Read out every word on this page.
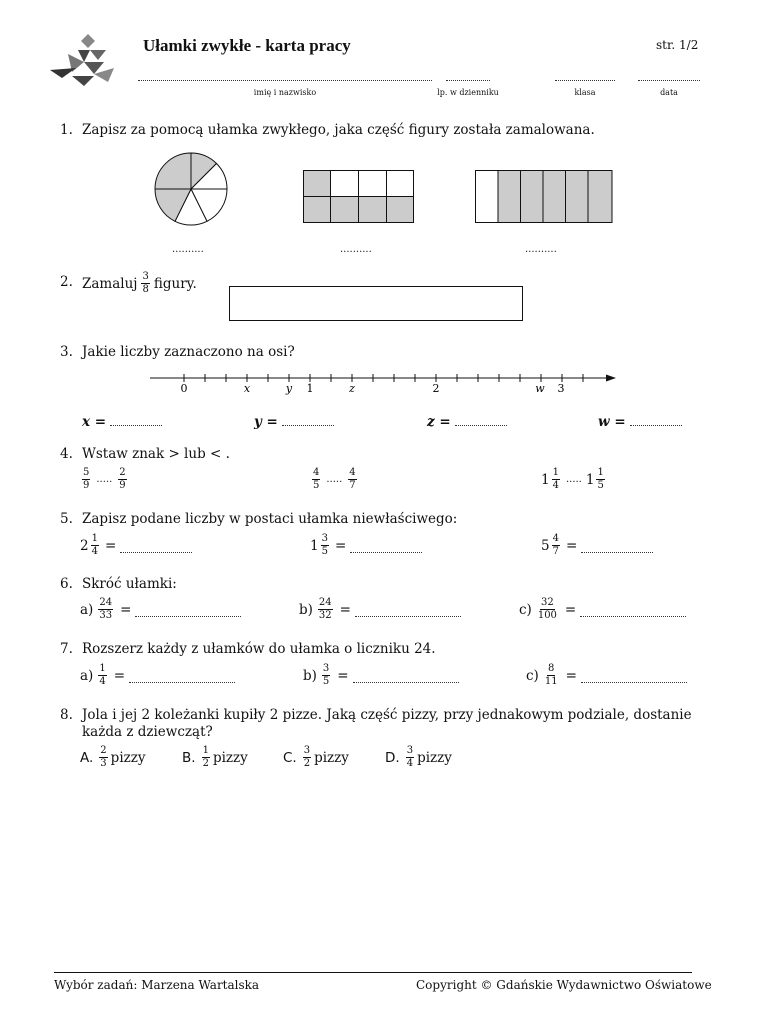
Ułamki zwykłe - karta pracy	str. 1/2
imię i nazwisko	lp. w dzienniku	klasa	data
1. Zapisz za pomocą ułamka zwykłego, jaka część figury została zamalowana.
..........	..........	..........
2. Zamaluj $\frac{3}{8}$ figury.
3. Jakie liczby zaznaczono na osi?
0	x	y 1	z	2	w 3
x =	y =	z =	w =
4. Wstaw znak > lub < .
$\frac{5}{9}$ ..... $\frac{2}{9}$	$\frac{4}{5}$ ..... $\frac{4}{7}$	$1 \frac{1}{4}$ ..... $1 \frac{1}{5}$
5. Zapisz podane liczby w postaci ułamka niewłaściwego:
$2 \frac{1}{4}$ =	$1 \frac{3}{5}$ =	$5 \frac{4}{7}$ =
6. Skróć ułamki:
$a) \frac{24}{33}$ =	$b) \frac{24}{32}$ =	$c) \frac{32}{100}$ =
7. Rozszerz każdy z ułamków do ułamka o liczniku 24.
$a) \frac{1}{4}$ =	$b) \frac{3}{5}$ =	$c) \frac{8}{11}$ =
8. Jola i jej 2 koleżanki kupiły 2 pizze. Jaką część pizzy, przy jednakowym podziale, dostanie
każda z dziewcząt?
A. $\frac{2}{3}$ pizzy	B. $\frac{1}{2}$ pizzy	C. $\frac{3}{2}$ pizzy	D. $\frac{3}{4}$ pizzy
Wybór zadań: Marzena Wartalska	Copyright © Gdańskie Wydawnictwo Oświatowe
